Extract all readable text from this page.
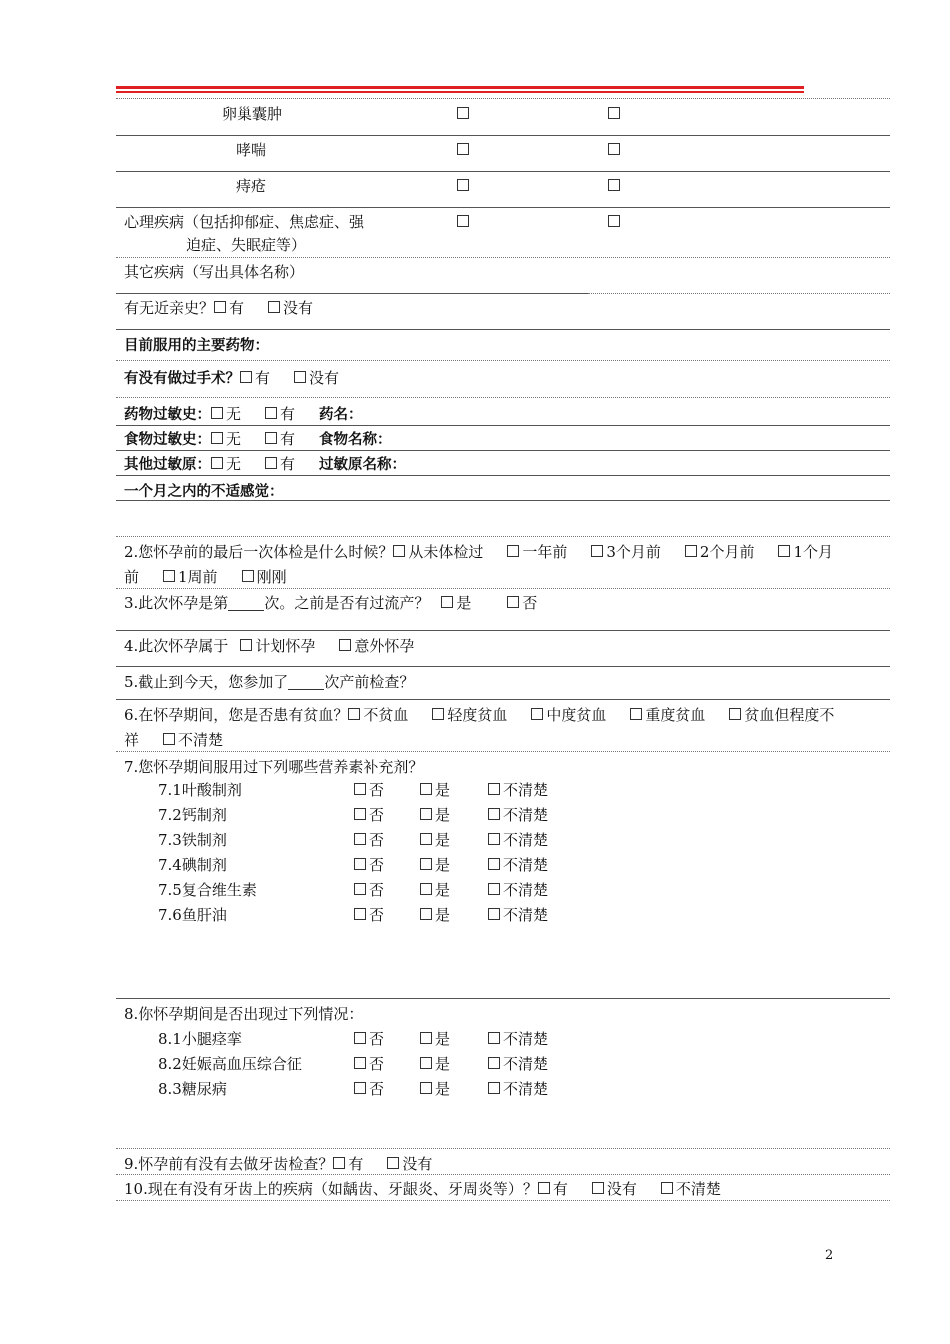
卵巢囊肿
哮喘
痔疮
心理疾病（包括抑郁症、焦虑症、强
迫症、失眠症等）
其它疾病（写出具体名称）
有无近亲史？ 有	没有
目前服用的主要药物：
有没有做过手术？ 有	没有
药物过敏史： 无	有 药名：
食物过敏史： 无	有 食物名称：
其他过敏原： 无	有 过敏原名称：
一个月之内的不适感觉：
2.您怀孕前的最后一次体检是什么时候？ 从未体检过	一年前	3个月前	2个月前	1个月
前	1周前	刚刚
3.此次怀孕是第 次。之前是否有过流产？ 是	否
4.此次怀孕属于 计划怀孕	意外怀孕
5.截止到今天，您参加了 次产前检查？
6.在怀孕期间，您是否患有贫血？ 不贫血	轻度贫血	中度贫血	重度贫血	贫血但程度不
祥	不清楚
7.您怀孕期间服用过下列哪些营养素补充剂？
7.1叶酸制剂	否	是	不清楚
7.2钙制剂	否	是	不清楚
7.3铁制剂	否	是	不清楚
7.4碘制剂	否	是	不清楚
7.5复合维生素	否	是	不清楚
7.6鱼肝油	否	是	不清楚
8.你怀孕期间是否出现过下列情况：
8.1小腿痉挛	否	是	不清楚
8.2妊娠高血压综合征	否	是	不清楚
8.3糖尿病	否	是	不清楚
9.怀孕前有没有去做牙齿检查？ 有	没有
10.现在有没有牙齿上的疾病（如龋齿、牙龈炎、牙周炎等）？ 有	没有	不清楚
2
